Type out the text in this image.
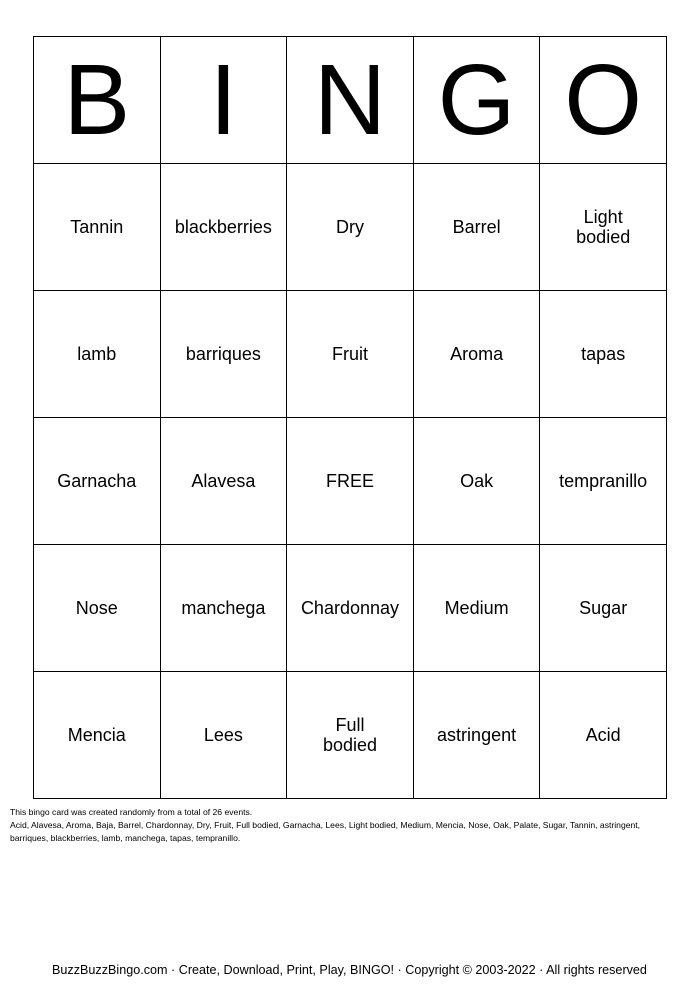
B	I	N	G	O
Tannin	blackberries	Dry	Barrel	Light bodied
lamb	barriques	Fruit	Aroma	tapas
Garnacha	Alavesa	FREE	Oak	tempranillo
Nose	manchega	Chardonnay	Medium	Sugar
Mencia	Lees	Full bodied	astringent	Acid

This bingo card was created randomly from a total of 26 events.

Acid, Alavesa, Aroma, Baja, Barrel, Chardonnay, Dry, Fruit, Full bodied, Garnacha, Lees, Light bodied, Medium, Mencia, Nose, Oak, Palate, Sugar, Tannin, astringent, barriques, blackberries, lamb, manchega, tapas, tempranillo.

BuzzBuzzBingo.com · Create, Download, Print, Play, BINGO! · Copyright © 2003-2022 · All rights reserved
